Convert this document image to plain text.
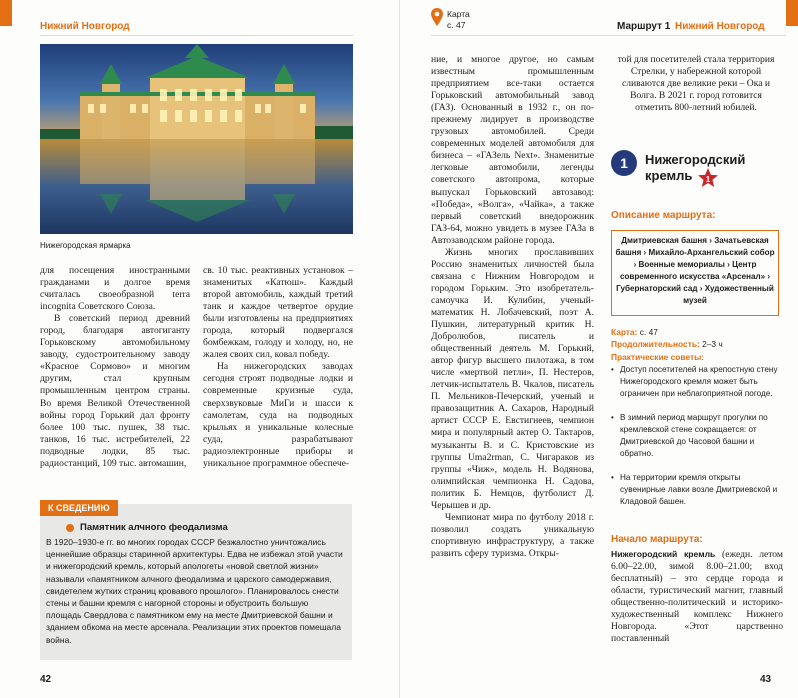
Нижний Новгород
Нижегородская ярмарка

для посещения иностранными гражданами и долгое время считалась своеобразной terra incognita Советского Союза.

В советский период древний город, благодаря автогиганту Горьковскому автомобильному заводу, судостроительному заводу «Красное Сормово» и многим другим, стал крупным промышленным центром страны. Во время Великой Отечественной войны город Горький дал фронту более 100 тыс. пушек, 38 тыс. танков, 16 тыс. истребителей, 22 подводные лодки, 85 тыс. радиостанций, 109 тыс. автомашин,

св. 10 тыс. реактивных установок – знаменитых «Катюш». Каждый второй автомобиль, каждый третий танк и каждое четвертое орудие были изготовлены на предприятиях города, который подвергался бомбежкам, голоду и холоду, но, не жалея своих сил, ковал победу.

На нижегородских заводах сегодня строят подводные лодки и современные круизные суда, сверхзвуковые МиГи и шасси к самолетам, суда на подводных крыльях и уникальные колесные суда, разрабатывают радиоэлектронные приборы и уникальное программное обеспече-

К СВЕДЕНИЮ
Памятник алчного феодализма
В 1920–1930-е гг. во многих городах СССР безжалостно уничтожались ценнейшие образцы старинной архитектуры. Едва не избежал этой участи и нижегородский кремль, который апологеты «новой светлой жизни» называли «памятником алчного феодализма и царского самодержавия, свидетелем жутких страниц кровавого прошлого». Планировалось снести стены и башни кремля с нагорной стороны и обустроить большую площадь Свердлова с памятником ему на месте Дмитриевской башни и зданием обкома на месте арсенала. Реализации этих проектов помешала война.
42
Карта
с. 47	Маршрут 1 Нижний Новгород

ние, и многое другое, но самым известным промышленным предприятием все-таки остается Горьковский автомобильный завод (ГАЗ). Основанный в 1932 г., он по-прежнему лидирует в производстве грузовых автомобилей. Среди современных моделей автомобиля для бизнеса – «ГАЗель Next». Знаменитые легковые автомобили, легенды советского автопрома, которые выпускал Горьковский автозавод: «Победа», «Волга», «Чайка», а также первый советский внедорожник ГАЗ-64, можно увидеть в музее ГАЗа в Автозаводском районе города.

Жизнь многих прославивших Россию знаменитых личностей была связана с Нижним Новгородом и городом Горьким. Это изобретатель-самоучка И. Кулибин, ученый-математик Н. Лобачевский, поэт А. Пушкин, литературный критик Н. Добролюбов, писатель и общественный деятель М. Горький, автор фигур высшего пилотажа, в том числе «мертвой петли», П. Нестеров, летчик-испытатель В. Чкалов, писатель П. Мельников-Печерский, ученый и правозащитник А. Сахаров, Народный артист СССР Е. Евстигнеев, чемпион мира и популярный актер О. Тактаров, музыканты В. и С. Кристовские из группы Uma2rman, С. Чигараков из группы «Чиж», модель Н. Водянова, олимпийская чемпионка Н. Садова, политик Б. Немцов, футболист Д. Черышев и др.

Чемпионат мира по футболу 2018 г. позволил создать уникальную спортивную инфраструктуру, а также развить сферу туризма. Откры-

той для посетителей стала территория Стрелки, у набережной которой сливаются две великие реки – Ока и Волга. В 2021 г. город готовится отметить 800-летний юбилей.

1	Нижегородский
кремль	1
Описание маршрута:
Дмитриевская башня › Зачатьевская башня › Михайло-Архангельский собор › Военные мемориалы › Центр современного искусства «Арсенал» › Губернаторский сад › Художественный музей
Карта: с. 47
Продолжительность: 2–3 ч
Практические советы:
• Доступ посетителей на крепостную стену Нижегородского кремля может быть ограничен при неблагоприятной погоде.
• В зимний период маршрут прогулки по кремлевской стене сокращается: от Дмитриевской до Часовой башни и обратно.
• На территории кремля открыты сувенирные лавки возле Дмитриевской и Кладовой башен.
Начало маршрута:

Нижегородский кремль (ежедн. летом 6.00–22.00, зимой 8.00–21.00; вход бесплатный) – это сердце города и области, туристический магнит, главный общественно-политический и историко-художественный комплекс Нижнего Новгорода. «Этот царственно поставленный

43
